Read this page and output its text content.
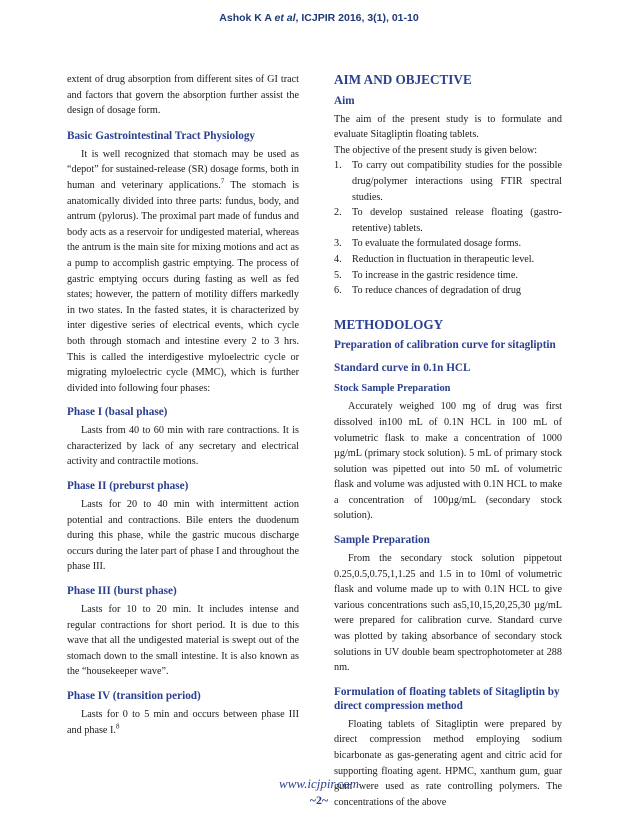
Ashok K A et al, ICJPIR 2016, 3(1), 01-10

extent of drug absorption from different sites of GI tract and factors that govern the absorption further assist the design of dosage form.

Basic Gastrointestinal Tract Physiology

It is well recognized that stomach may be used as “depot” for sustained-release (SR) dosage forms, both in human and veterinary applications.$^7$ The stomach is anatomically divided into three parts: fundus, body, and antrum (pylorus). The proximal part made of fundus and body acts as a reservoir for undigested material, whereas the antrum is the main site for mixing motions and act as a pump to accomplish gastric emptying. The process of gastric emptying occurs during fasting as well as fed states; however, the pattern of motility differs markedly in two states. In the fasted states, it is characterized by inter digestive series of electrical events, which cycle both through stomach and intestine every 2 to 3 hrs. This is called the interdigestive myloelectric cycle or migrating myloelectric cycle (MMC), which is further divided into following four phases:

Phase I (basal phase)

Lasts from 40 to 60 min with rare contractions. It is characterized by lack of any secretary and electrical activity and contractile motions.

Phase II (preburst phase)

Lasts for 20 to 40 min with intermittent action potential and contractions. Bile enters the duodenum during this phase, while the gastric mucous discharge occurs during the later part of phase I and throughout the phase III.

Phase III (burst phase)

Lasts for 10 to 20 min. It includes intense and regular contractions for short period. It is due to this wave that all the undigested material is swept out of the stomach down to the small intestine. It is also known as the “housekeeper wave”.

Phase IV (transition period)

Lasts for 0 to 5 min and occurs between phase III and phase I.$^8$

AIM AND OBJECTIVE
Aim

The aim of the present study is to formulate and evaluate Sitagliptin floating tablets.

The objective of the present study is given below:

1.	To carry out compatibility studies for the possible drug/polymer interactions using FTIR spectral studies.
2.	To develop sustained release floating (gastro-retentive) tablets.
3.	To evaluate the formulated dosage forms.
4.	Reduction in fluctuation in therapeutic level.
5.	To increase in the gastric residence time.
6.	To reduce chances of degradation of drug
METHODOLOGY
Preparation of calibration curve for sitagliptin
Standard curve in 0.1n HCL
Stock Sample Preparation

Accurately weighed 100 mg of drug was first dissolved in100 mL of 0.1N HCL in 100 mL of volumetric flask to make a concentration of 1000 µg/mL (primary stock solution). 5 mL of primary stock solution was pipetted out into 50 mL of volumetric flask and volume was adjusted with 0.1N HCL to make a concentration of 100µg/mL (secondary stock solution).

Sample Preparation

From the secondary stock solution pippetout 0.25,0.5,0.75,1,1.25 and 1.5 in to 10ml of volumetric flask and volume made up to with 0.1N HCL to give various concentrations such as5,10,15,20,25,30 µg/mL were prepared for calibration curve. Standard curve was plotted by taking absorbance of secondary stock solutions in UV double beam spectrophotometer at 288 nm.

Formulation of floating tablets of Sitagliptin by direct compression method

Floating tablets of Sitagliptin were prepared by direct compression method employing sodium bicarbonate as gas-generating agent and citric acid for supporting floating agent. HPMC, xanthum gum, guar gum were used as rate controlling polymers. The concentrations of the above

www.icjpir.com
~2~
